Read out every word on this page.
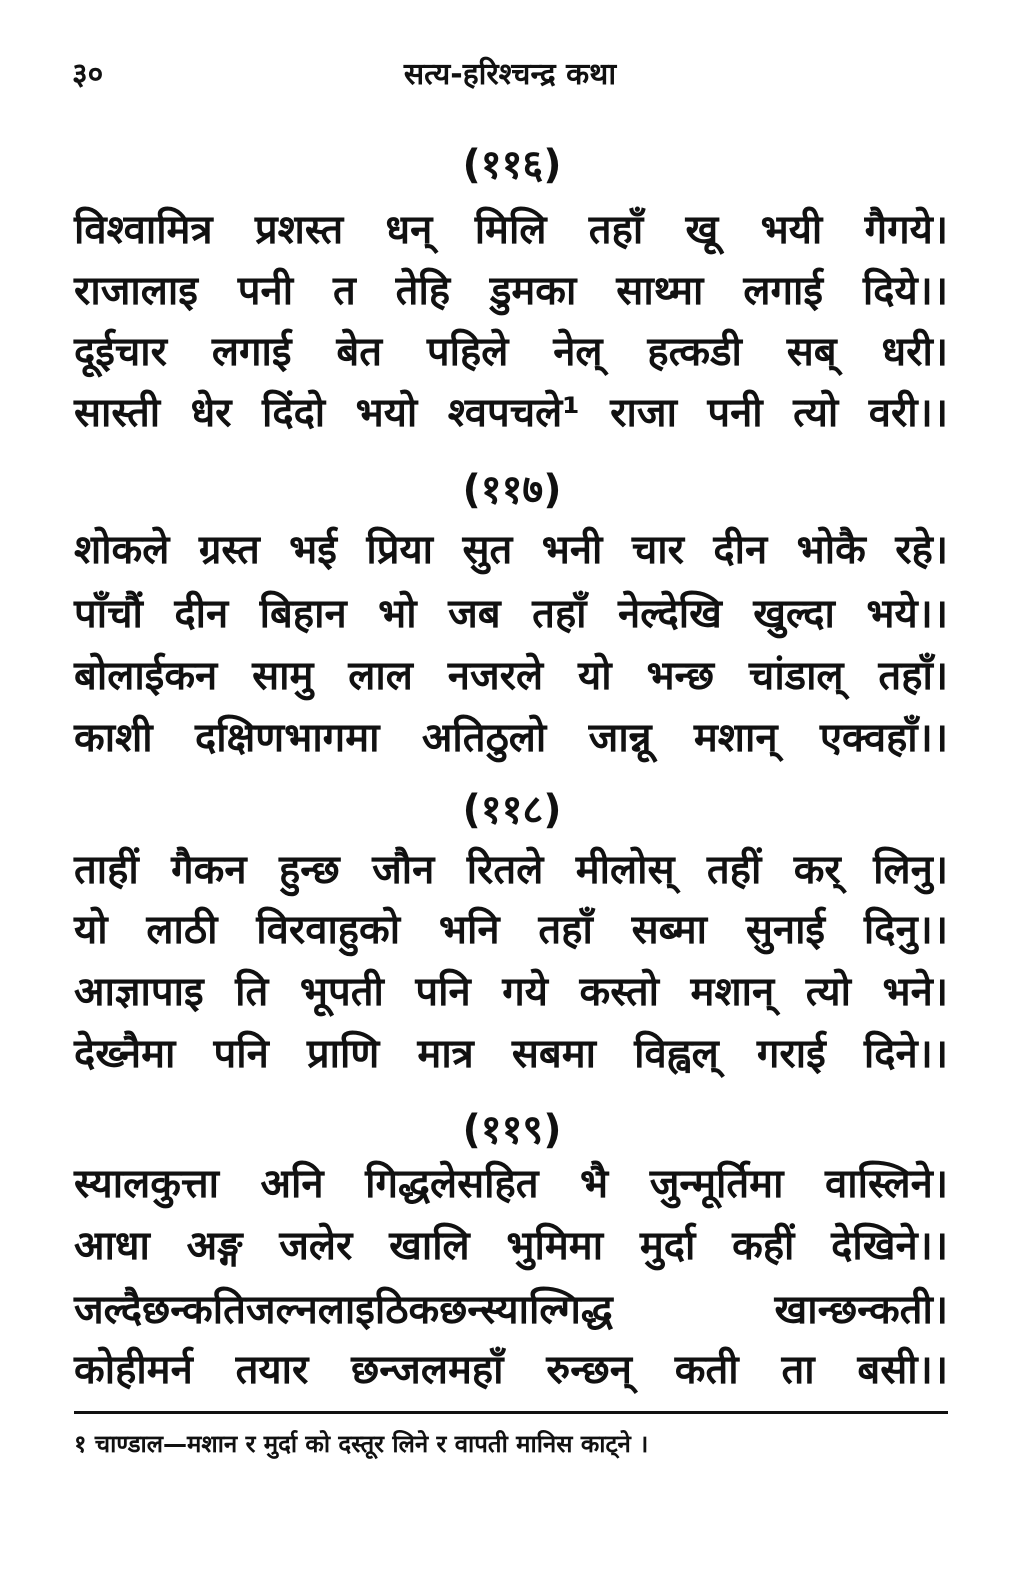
३०	सत्य-हरिश्चन्द्र कथा
(११६)
विश्वामित्र प्रशस्त धन् मिलि तहाँ खू भयी गैगये।
राजालाइ पनी त तेहि डुमका साथ्मा लगाई दिये।।
दूईचार लगाई बेत पहिले नेल् हत्कडी सब् धरी।
सास्ती धेर दिंदो भयो श्वपचले¹ राजा पनी त्यो वरी।।
(११७)
शोकले ग्रस्त भई प्रिया सुत भनी चार दीन भोकै रहे।
पाँचौं दीन बिहान भो जब तहाँ नेल्देखि खुल्दा भये।।
बोलाईकन सामु लाल नजरले यो भन्छ चांडाल् तहाँ।
काशी दक्षिणभागमा अतिठुलो जान्नू मशान् एक्वहाँ।।
(११८)
ताहीं गैकन हुन्छ जौन रितले मीलोस् तहीं कर् लिनु।
यो लाठी विरवाहुको भनि तहाँ सब्मा सुनाई दिनु।।
आज्ञापाइ ति भूपती पनि गये कस्तो मशान् त्यो भने।
देख्नैमा पनि प्राणि मात्र सबमा विह्वल् गराई दिने।।
(११९)
स्यालकुत्ता अनि गिद्धलेसहित भै जुन्मूर्तिमा वास्लिने।
आधा अङ्ग जलेर खालि भुमिमा मुर्दा कहीं देखिने।।
जल्दैछन्कतिजल्नलाइठिकछन्स्याल्गिद्ध खान्छन्कती।
कोहीमर्न तयार छन्जलमहाँ रुन्छन् कती ता बसी।।
१ चाण्डाल—मशान र मुर्दा को दस्तूर लिने र वापती मानिस काट्ने ।
